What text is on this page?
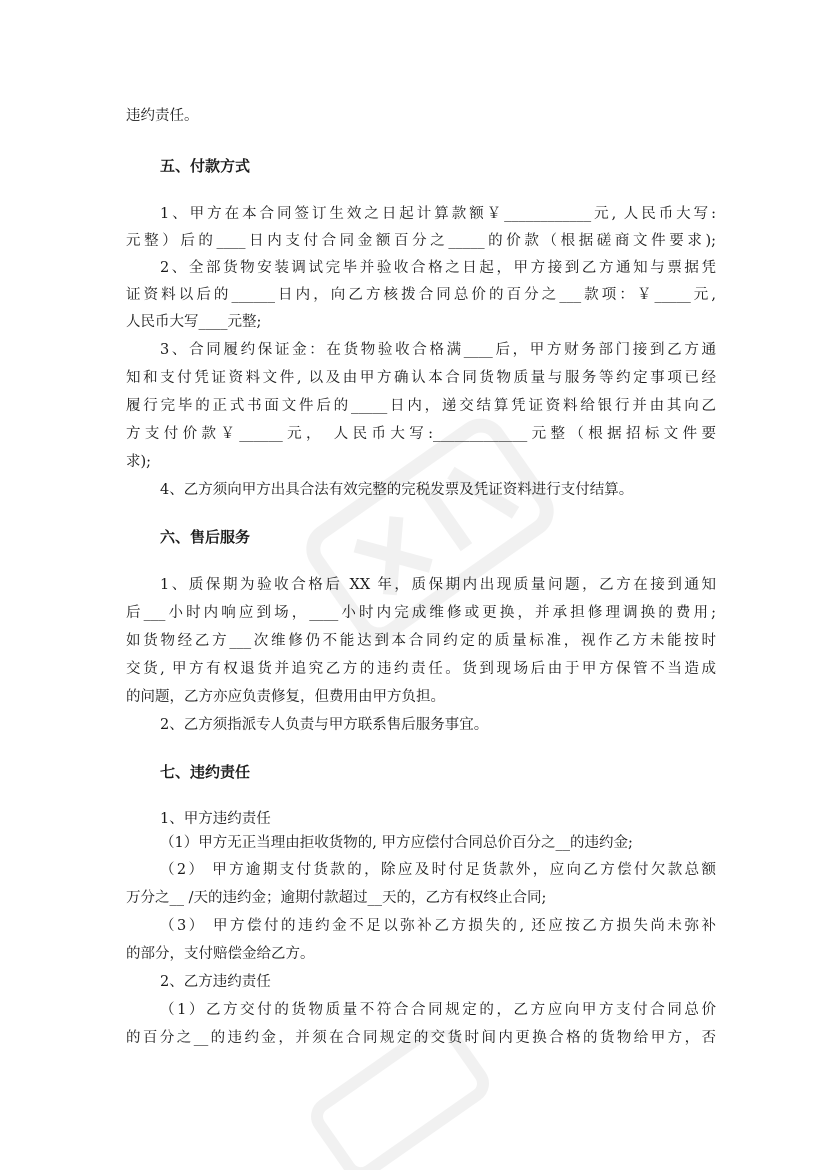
违约责任。
五、付款方式
1、甲方在本合同签订生效之日起计算款额￥____________元, 人民币大写:
元整）后的____日内支付合同金额百分之_____的价款（根据磋商文件要求);
2、全部货物安装调试完毕并验收合格之日起，甲方接到乙方通知与票据凭
证资料以后的______日内，向乙方核拨合同总价的百分之___款项：￥_____元,
人民币大写____元整;
3、合同履约保证金：在货物验收合格满____后，甲方财务部门接到乙方通
知和支付凭证资料文件, 以及由甲方确认本合同货物质量与服务等约定事项已经
履行完毕的正式书面文件后的_____日内，递交结算凭证资料给银行并由其向乙
方支付价款￥______元， 人民币大写:_____________元整（根据招标文件要
求);
4、乙方须向甲方出具合法有效完整的完税发票及凭证资料进行支付结算。
六、售后服务
1、质保期为验收合格后 XX 年，质保期内出现质量问题，乙方在接到通知
后___小时内响应到场，____小时内完成维修或更换，并承担修理调换的费用;
如货物经乙方___次维修仍不能达到本合同约定的质量标准，视作乙方未能按时
交货, 甲方有权退货并追究乙方的违约责任。货到现场后由于甲方保管不当造成
的问题，乙方亦应负责修复，但费用由甲方负担。
2、乙方须指派专人负责与甲方联系售后服务事宜。
七、违约责任
1、甲方违约责任
（1）甲方无正当理由拒收货物的, 甲方应偿付合同总价百分之__的违约金;
（2） 甲方逾期支付货款的，除应及时付足货款外，应向乙方偿付欠款总额
万分之__ /天的违约金；逾期付款超过__天的，乙方有权终止合同;
（3） 甲方偿付的违约金不足以弥补乙方损失的, 还应按乙方损失尚未弥补
的部分，支付赔偿金给乙方。
2、乙方违约责任
（1）乙方交付的货物质量不符合合同规定的，乙方应向甲方支付合同总价
的百分之__的违约金，并须在合同规定的交货时间内更换合格的货物给甲方，否
